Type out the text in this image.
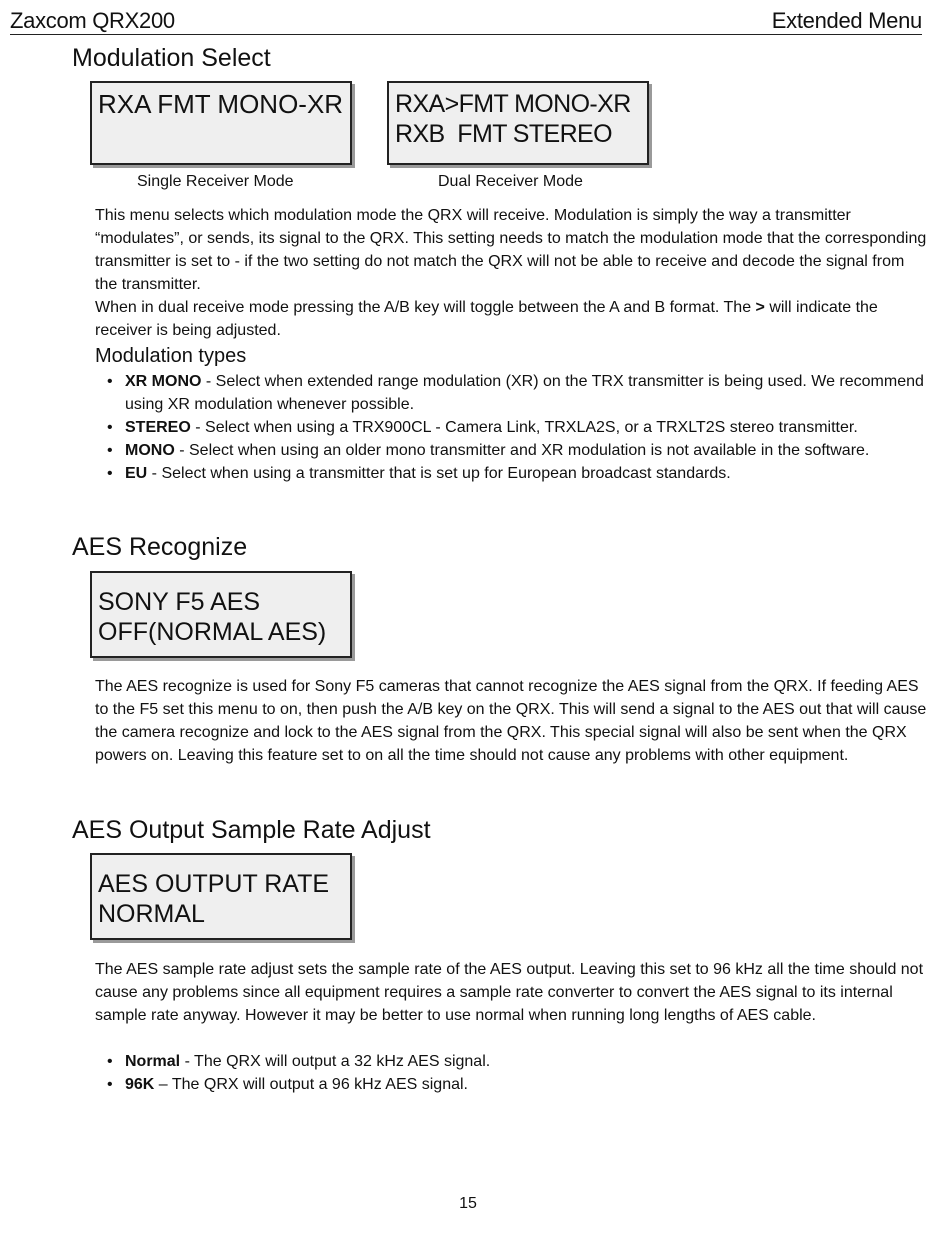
Zaxcom QRX200	Extended Menu
Modulation Select
RXA FMT MONO-XR RXA>FMT MONO-XR
RXB  FMT STEREO
Single Receiver Mode	Dual Receiver Mode

This menu selects which modulation mode the QRX will receive. Modulation is simply the way a transmitter “modulates”, or sends, its signal to the QRX. This setting needs to match the modulation mode that the corresponding transmitter is set to - if the two setting do not match the QRX will not be able to receive and decode the signal from the transmitter.

When in dual receive mode pressing the A/B key will toggle between the A and B format. The > will indicate the receiver is being adjusted.

Modulation types
• XR MONO - Select when extended range modulation (XR) on the TRX transmitter is being used. We recommend using XR modulation whenever possible.
• STEREO - Select when using a TRX900CL - Camera Link, TRXLA2S, or a TRXLT2S stereo transmitter.
• MONO - Select when using an older mono transmitter and XR modulation is not available in the software.
• EU - Select when using a transmitter that is set up for European broadcast standards.
AES Recognize
SONY F5 AES
OFF(NORMAL AES)

The AES recognize is used for Sony F5 cameras that cannot recognize the AES signal from the QRX. If feeding AES to the F5 set this menu to on, then push the A/B key on the QRX. This will send a signal to the AES out that will cause the camera recognize and lock to the AES signal from the QRX. This special signal will also be sent when the QRX powers on. Leaving this feature set to on all the time should not cause any problems with other equipment.

AES Output Sample Rate Adjust
AES OUTPUT RATE
NORMAL

The AES sample rate adjust sets the sample rate of the AES output. Leaving this set to 96 kHz all the time should not cause any problems since all equipment requires a sample rate converter to convert the AES signal to its internal sample rate anyway. However it may be better to use normal when running long lengths of AES cable.

• Normal - The QRX will output a 32 kHz AES signal.
• 96K – The QRX will output a 96 kHz AES signal.
15
